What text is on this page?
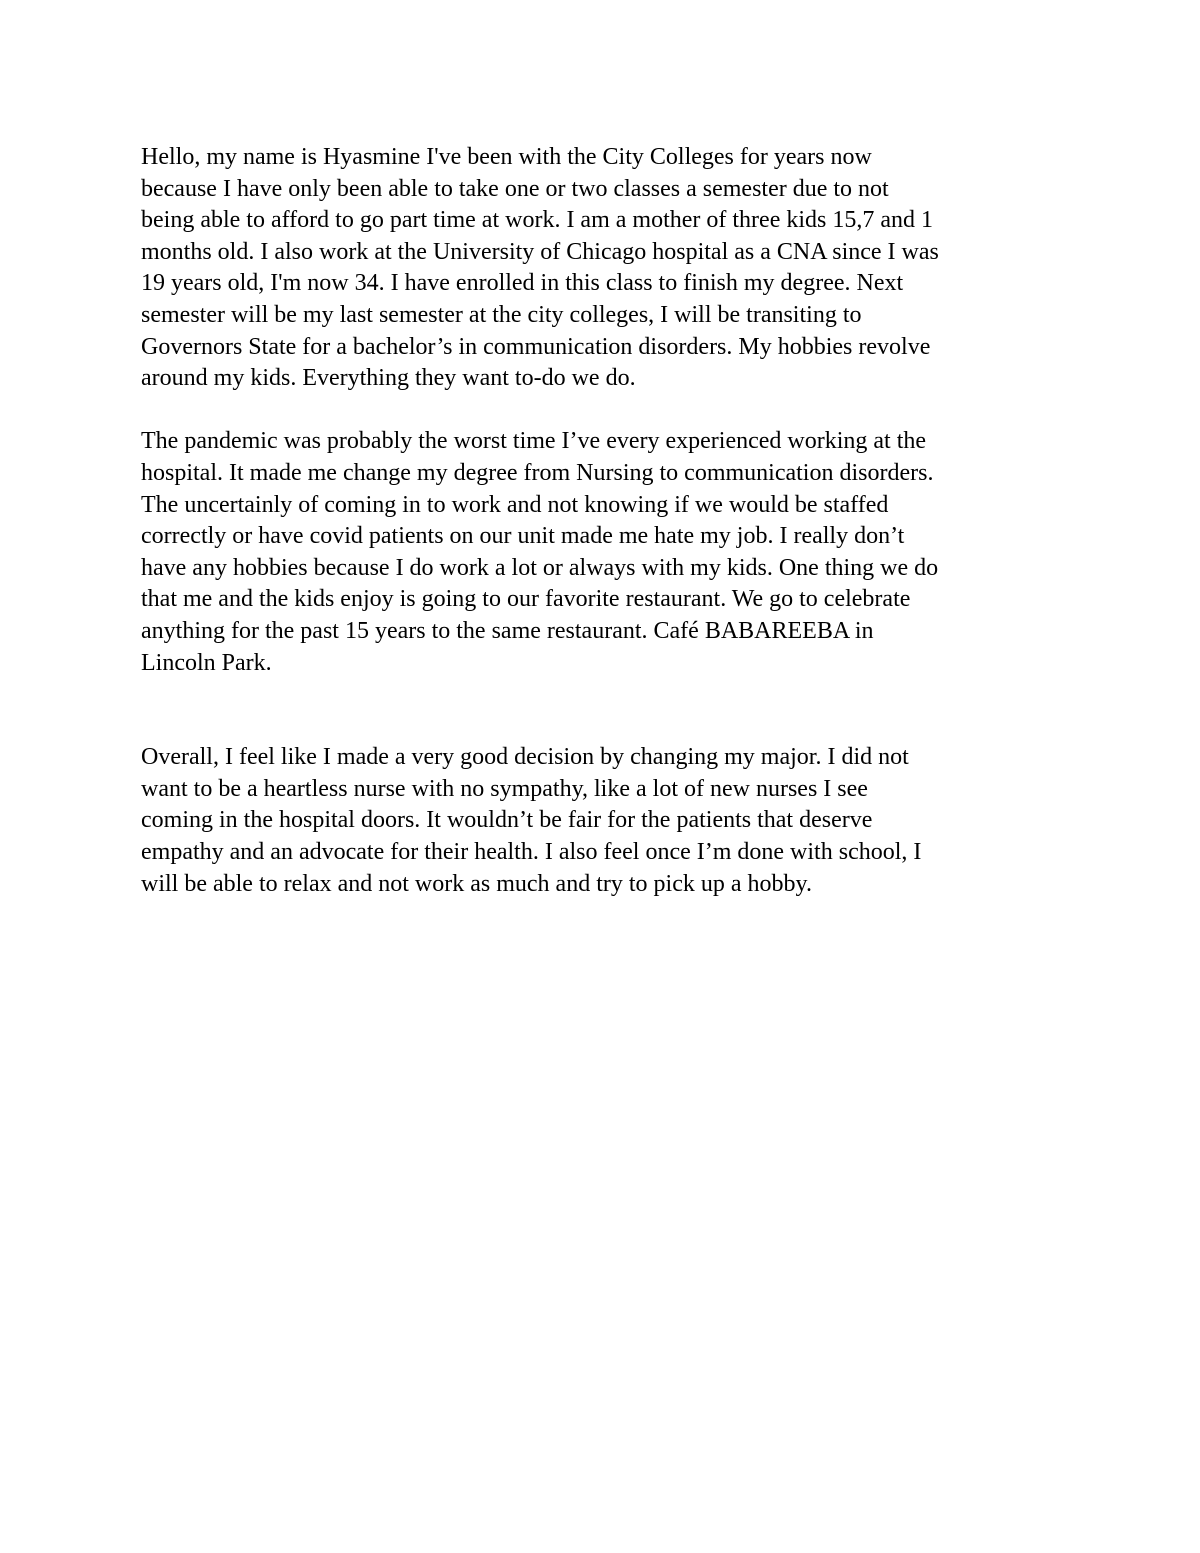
Hello, my name is Hyasmine I've been with the City Colleges for years now
because I have only been able to take one or two classes a semester due to not
being able to afford to go part time at work. I am a mother of three kids 15,7 and 1
months old. I also work at the University of Chicago hospital as a CNA since I was
19 years old, I'm now 34. I have enrolled in this class to finish my degree. Next
semester will be my last semester at the city colleges, I will be transiting to
Governors State for a bachelor’s in communication disorders. My hobbies revolve
around my kids. Everything they want to-do we do.
The pandemic was probably the worst time I’ve every experienced working at the
hospital. It made me change my degree from Nursing to communication disorders.
The uncertainly of coming in to work and not knowing if we would be staffed
correctly or have covid patients on our unit made me hate my job. I really don’t
have any hobbies because I do work a lot or always with my kids. One thing we do
that me and the kids enjoy is going to our favorite restaurant. We go to celebrate
anything for the past 15 years to the same restaurant. Café BABAREEBA in
Lincoln Park.
Overall, I feel like I made a very good decision by changing my major. I did not
want to be a heartless nurse with no sympathy, like a lot of new nurses I see
coming in the hospital doors. It wouldn’t be fair for the patients that deserve
empathy and an advocate for their health. I also feel once I’m done with school, I
will be able to relax and not work as much and try to pick up a hobby.
